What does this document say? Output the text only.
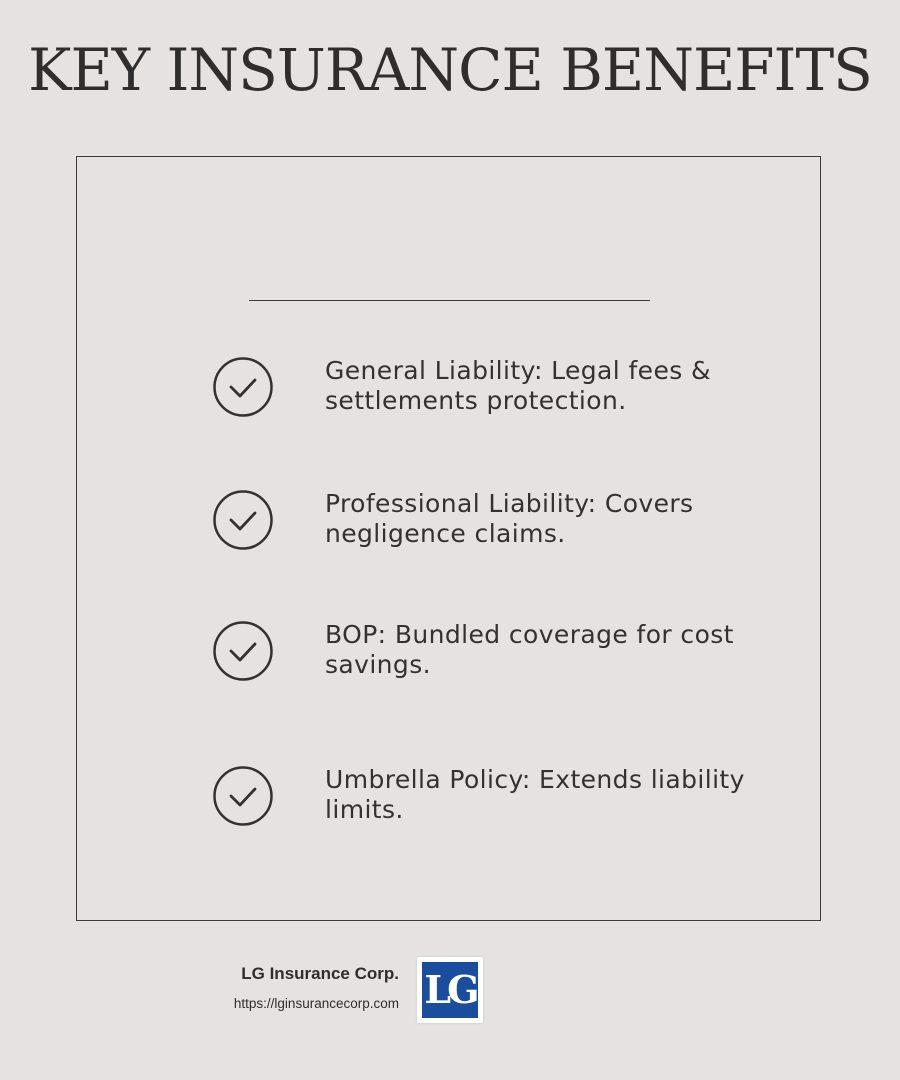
KEY INSURANCE BENEFITS
General Liability: Legal fees & settlements protection.
Professional Liability: Covers negligence claims.
BOP: Bundled coverage for cost savings.
Umbrella Policy: Extends liability limits.
LG Insurance Corp.
https://lginsurancecorp.com LG
